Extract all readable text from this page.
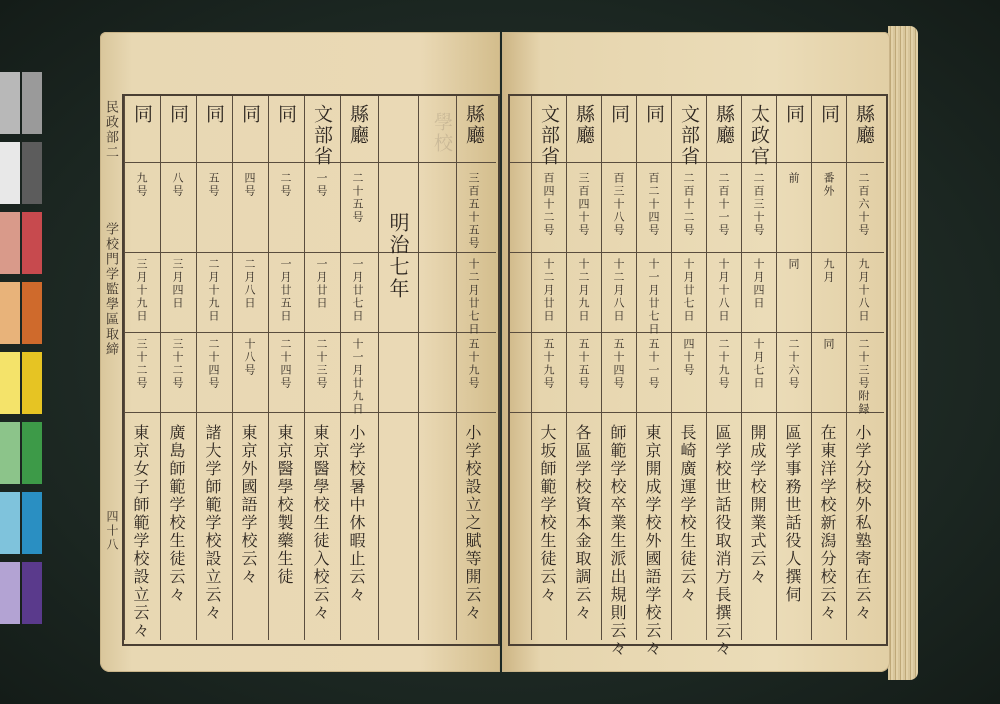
民政部二
学校門学監學區取締
四十八
縣廳
二十五号
一月廿七日
十一月廿九日
小学校暑中休暇止云々
文部省
一号
一月廿日
二十三号
東京醫學校生徒入校云々
同
二号
一月廿五日
二十四号
東京醫學校製藥生徒
同
四号
二月八日
十八号
東京外國語学校云々
同
五号
二月十九日
二十四号
諸大学師範学校設立云々
同
八号
三月四日
三十二号
廣島師範学校生徒云々
同
九号
三月十九日
三十二号
東京女子師範学校設立云々
明治七年
學校 縣廳
三百五十五号
十二月廿七日
五十九号
小学校設立之賦等開云々
縣廳
二百六十号
九月十八日
二十三号附録
小学分校外私塾寄在云々
同
番外
九月
同
在東洋学校新潟分校云々
同
前
同
二十六号
區学事務世話役人撰伺
太政官
二百三十号
十月四日
十月七日
開成学校開業式云々
縣廳
二百十一号
十月十八日
二十九号
區学校世話役取消方長撰云々
文部省
二百十二号
十月廿七日
四十号
長崎廣運学校生徒云々
同
百二十四号
十一月廿七日
五十一号
東京開成学校外國語学校云々
同
百三十八号
十二月八日
五十四号
師範学校卒業生派出規則云々
縣廳
三百四十号
十二月九日
五十五号
各區学校資本金取調云々
文部省
百四十二号
十二月廿日
五十九号
大坂師範学校生徒云々
